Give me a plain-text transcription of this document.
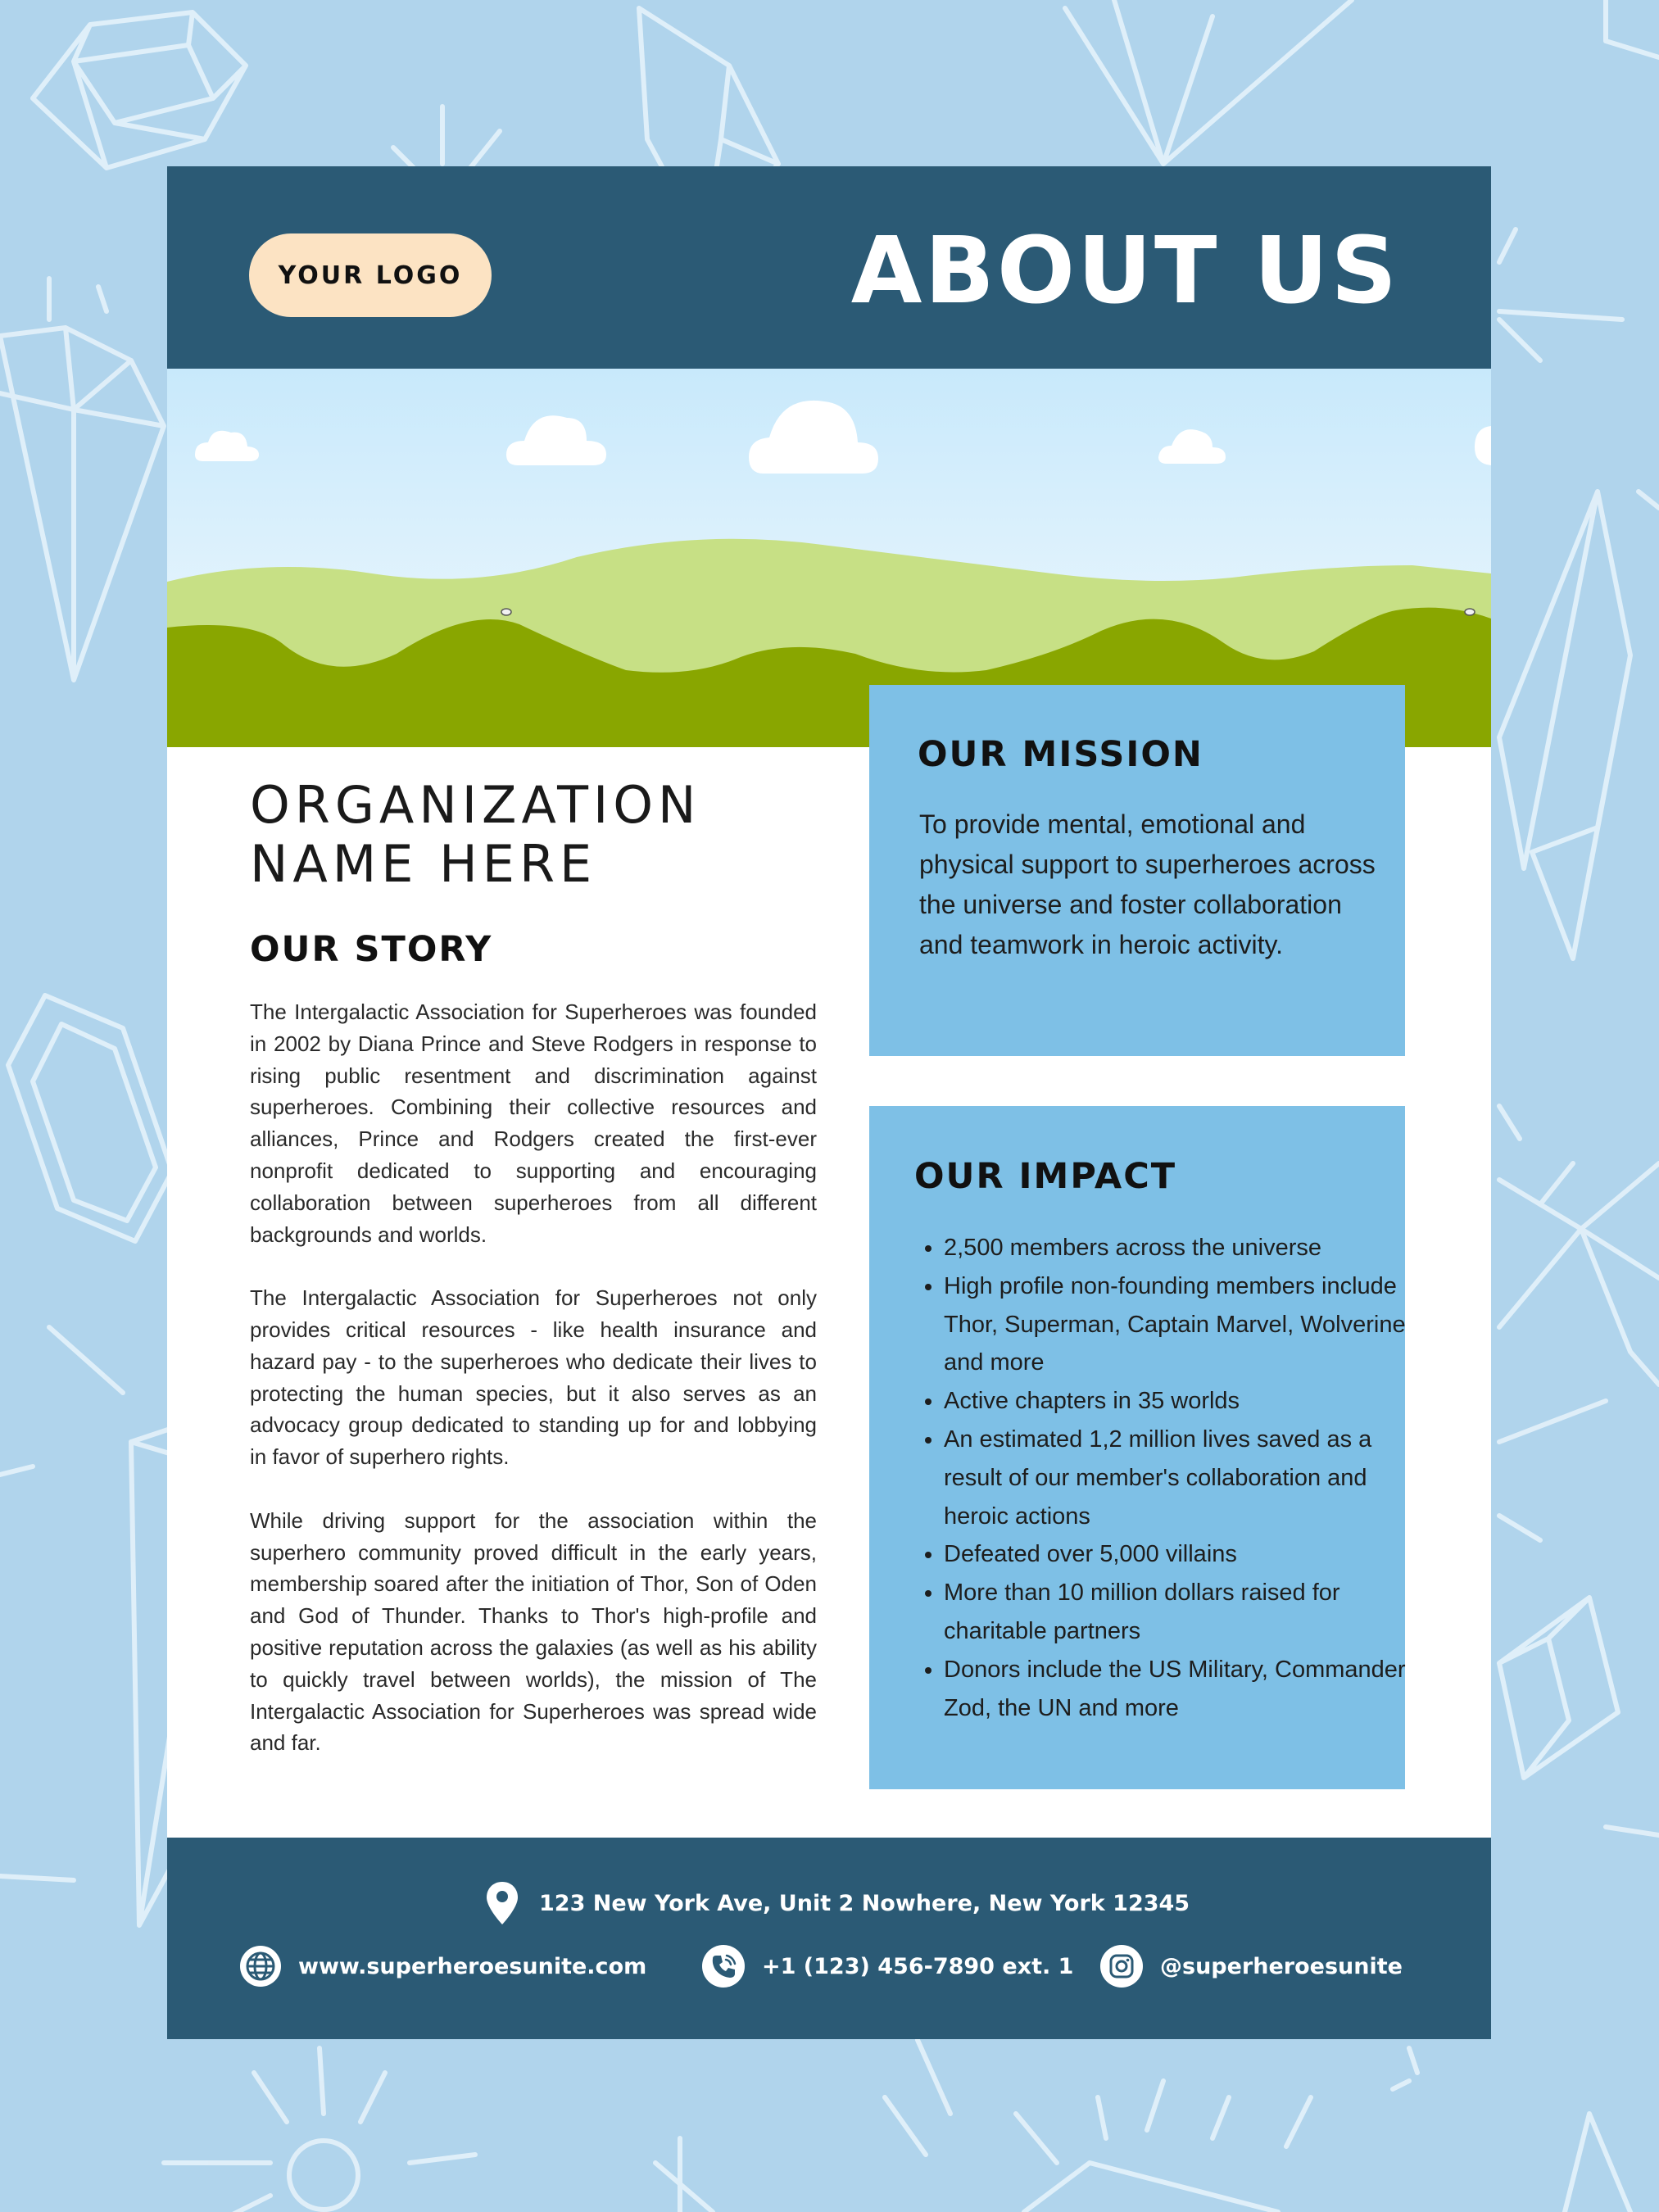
YOUR LOGO	ABOUT US
ORGANIZATION
NAME HERE
OUR STORY

The Intergalactic Association for Superheroes was founded in 2002 by Diana Prince and Steve Rodgers in response to rising public resentment and discrimination against superheroes. Combining their collective resources and alliances, Prince and Rodgers created the first-ever nonprofit dedicated to supporting and encouraging collaboration between superheroes from all different backgrounds and worlds.

The Intergalactic Association for Superheroes not only provides critical resources - like health insurance and hazard pay - to the superheroes who dedicate their lives to protecting the human species, but it also serves as an advocacy group dedicated to standing up for and lobbying in favor of superhero rights.

While driving support for the association within the superhero community proved difficult in the early years, membership soared after the initiation of Thor, Son of Oden and God of Thunder. Thanks to Thor's high-profile and positive reputation across the galaxies (as well as his ability to quickly travel between worlds), the mission of The Intergalactic Association for Superheroes was spread wide and far.

OUR MISSION
To provide mental, emotional and physical support to superheroes across the universe and foster collaboration and teamwork in heroic activity.
OUR IMPACT
• 2,500 members across the universe
• High profile non-founding members include Thor, Superman, Captain Marvel, Wolverine and more
• Active chapters in 35 worlds
• An estimated 1,2 million lives saved as a result of our member's collaboration and heroic actions
• Defeated over 5,000 villains
• More than 10 million dollars raised for charitable partners
• Donors include the US Military, Commander Zod, the UN and more
123 New York Ave, Unit 2 Nowhere, New York 12345
www.superheroesunite.com	+1 (123) 456-7890 ext. 1	@superheroesunite
